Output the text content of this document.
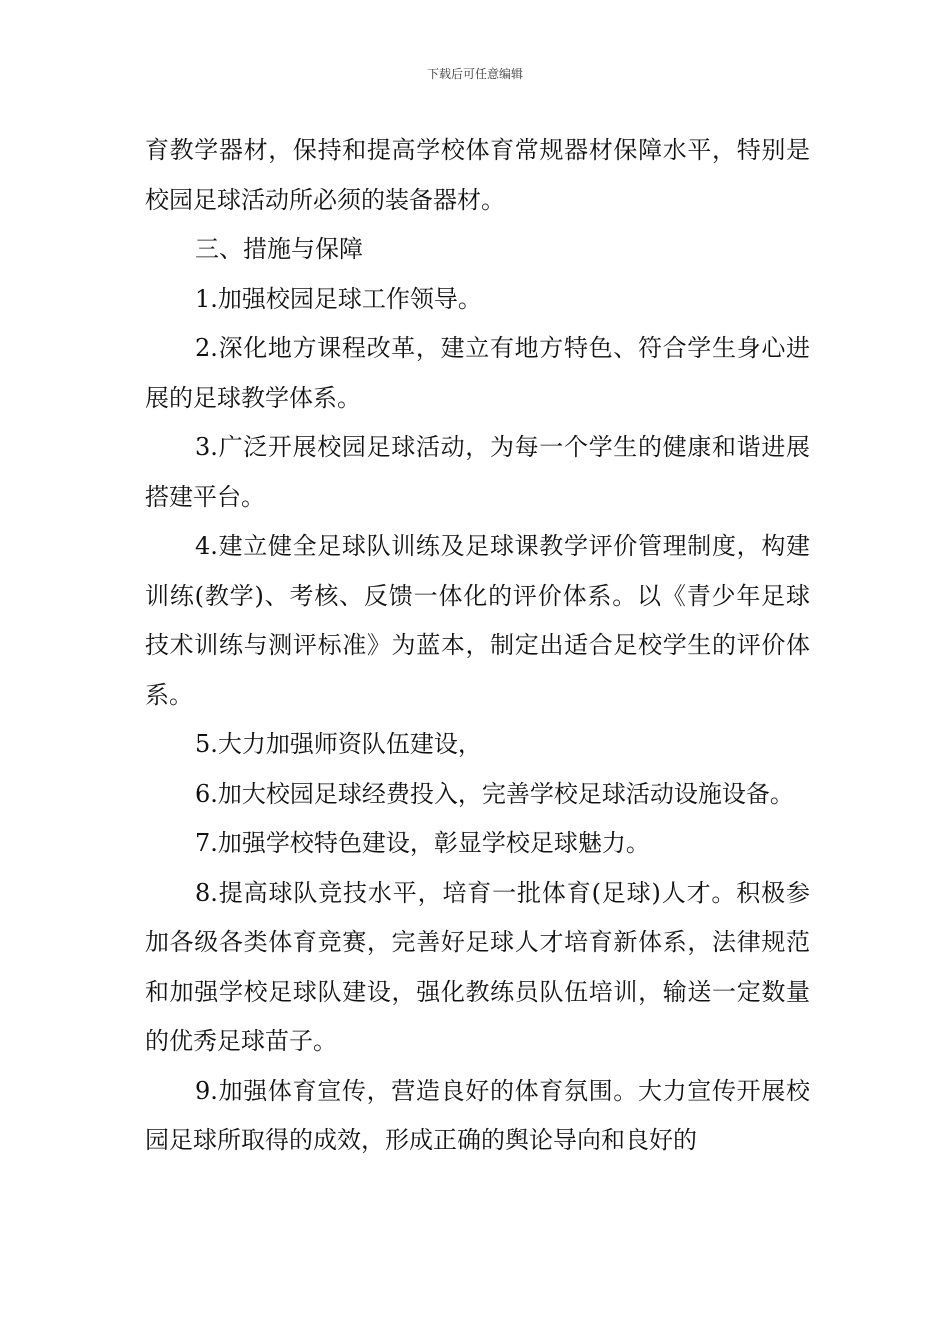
下载后可任意编辑

育教学器材，保持和提高学校体育常规器材保障水平，特别是校园足球活动所必须的装备器材。

三、措施与保障

1.加强校园足球工作领导。

2.深化地方课程改革，建立有地方特色、符合学生身心进展的足球教学体系。

3.广泛开展校园足球活动，为每一个学生的健康和谐进展搭建平台。

4.建立健全足球队训练及足球课教学评价管理制度，构建训练(教学)、考核、反馈一体化的评价体系。以《青少年足球技术训练与测评标准》为蓝本，制定出适合足校学生的评价体系。

5.大力加强师资队伍建设，

6.加大校园足球经费投入，完善学校足球活动设施设备。

7.加强学校特色建设，彰显学校足球魅力。

8.提高球队竞技水平，培育一批体育(足球)人才。积极参加各级各类体育竞赛，完善好足球人才培育新体系，法律规范和加强学校足球队建设，强化教练员队伍培训，输送一定数量的优秀足球苗子。

9.加强体育宣传，营造良好的体育氛围。大力宣传开展校园足球所取得的成效，形成正确的舆论导向和良好的
